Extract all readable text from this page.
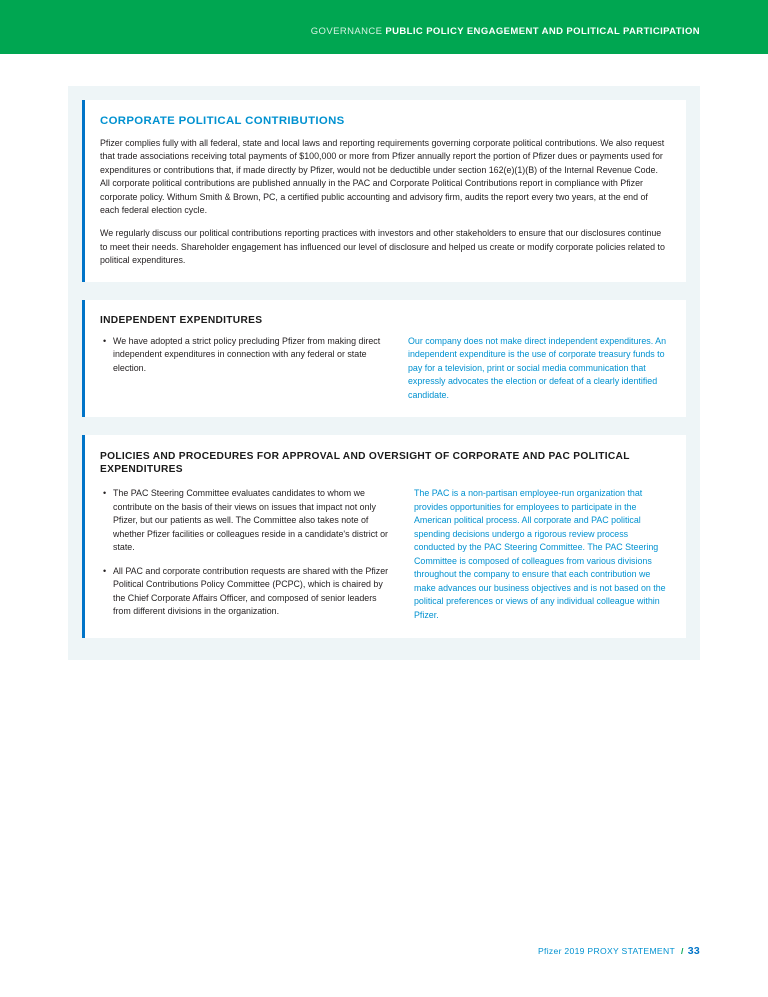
GOVERNANCE PUBLIC POLICY ENGAGEMENT AND POLITICAL PARTICIPATION
CORPORATE POLITICAL CONTRIBUTIONS

Pfizer complies fully with all federal, state and local laws and reporting requirements governing corporate political contributions. We also request that trade associations receiving total payments of $100,000 or more from Pfizer annually report the portion of Pfizer dues or payments used for expenditures or contributions that, if made directly by Pfizer, would not be deductible under section 162(e)(1)(B) of the Internal Revenue Code. All corporate political contributions are published annually in the PAC and Corporate Political Contributions report in compliance with Pfizer corporate policy. Withum Smith & Brown, PC, a certified public accounting and advisory firm, audits the report every two years, at the end of each federal election cycle.

We regularly discuss our political contributions reporting practices with investors and other stakeholders to ensure that our disclosures continue to meet their needs. Shareholder engagement has influenced our level of disclosure and helped us create or modify corporate policies related to political expenditures.

INDEPENDENT EXPENDITURES
• We have adopted a strict policy precluding Pfizer from making direct independent expenditures in connection with any federal or state election.

Our company does not make direct independent expenditures. An independent expenditure is the use of corporate treasury funds to pay for a television, print or social media communication that expressly advocates the election or defeat of a clearly identified candidate.

POLICIES AND PROCEDURES FOR APPROVAL AND OVERSIGHT OF CORPORATE AND PAC POLITICAL EXPENDITURES
• The PAC Steering Committee evaluates candidates to whom we contribute on the basis of their views on issues that impact not only Pfizer, but our patients as well. The Committee also takes note of whether Pfizer facilities or colleagues reside in a candidate's district or state.
• All PAC and corporate contribution requests are shared with the Pfizer Political Contributions Policy Committee (PCPC), which is chaired by the Chief Corporate Affairs Officer, and composed of senior leaders from different divisions in the organization.

The PAC is a non-partisan employee-run organization that provides opportunities for employees to participate in the American political process. All corporate and PAC political spending decisions undergo a rigorous review process conducted by the PAC Steering Committee. The PAC Steering Committee is composed of colleagues from various divisions throughout the company to ensure that each contribution we make advances our business objectives and is not based on the political preferences or views of any individual colleague within Pfizer.

Pfizer 2019 PROXY STATEMENT / 33
